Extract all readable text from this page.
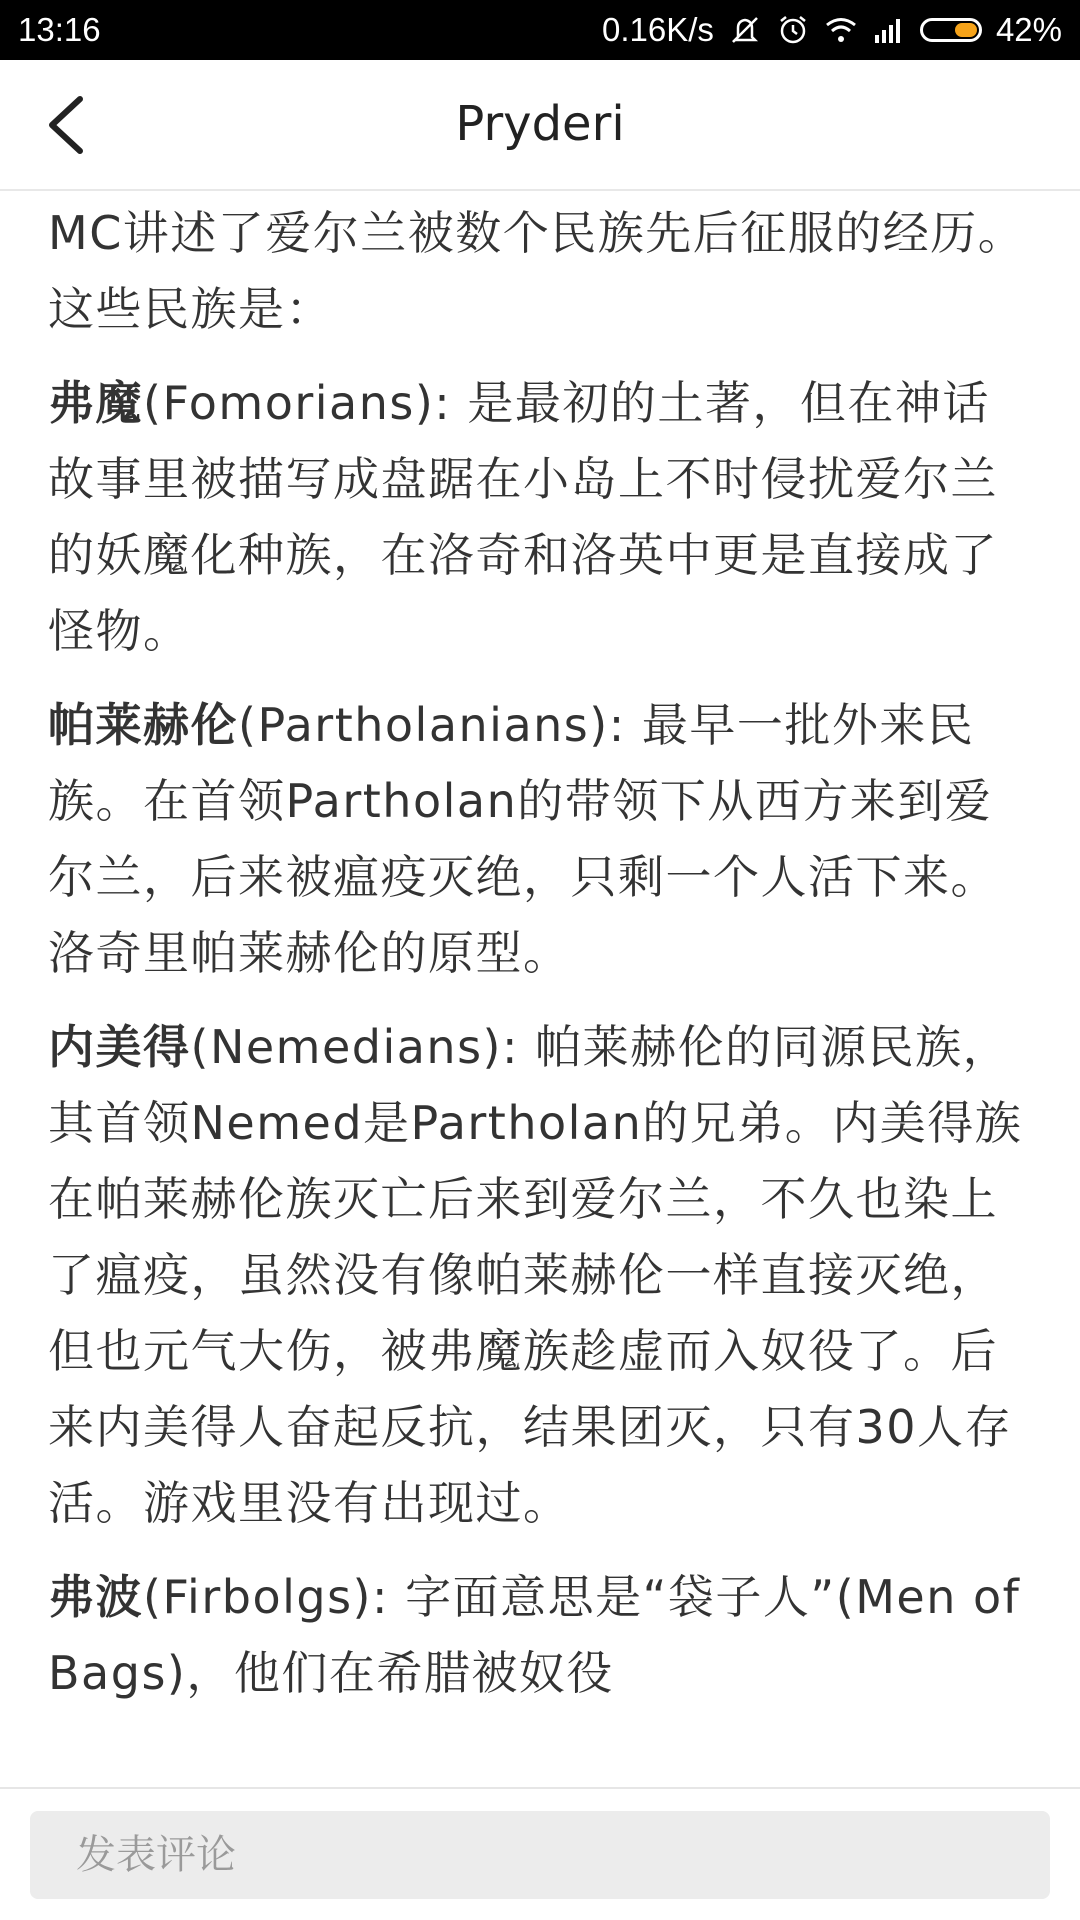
13:16	0.16K/s	42%
Pryderi

MC讲述了爱尔兰被数个民族先后征服的经历。这些民族是：

弗魔(Fomorians): 是最初的土著，但在神话故事里被描写成盘踞在小岛上不时侵扰爱尔兰的妖魔化种族，在洛奇和洛英中更是直接成了怪物。

帕莱赫伦(Partholanians): 最早一批外来民族。在首领Partholan的带领下从西方来到爱尔兰，后来被瘟疫灭绝，只剩一个人活下来。洛奇里帕莱赫伦的原型。

内美得(Nemedians): 帕莱赫伦的同源民族，其首领Nemed是Partholan的兄弟。内美得族在帕莱赫伦族灭亡后来到爱尔兰，不久也染上了瘟疫，虽然没有像帕莱赫伦一样直接灭绝，但也元气大伤，被弗魔族趁虚而入奴役了。后来内美得人奋起反抗，结果团灭，只有30人存活。游戏里没有出现过。

弗波(Firbolgs): 字面意思是“袋子人”(Men of Bags)，他们在希腊被奴役

发表评论
